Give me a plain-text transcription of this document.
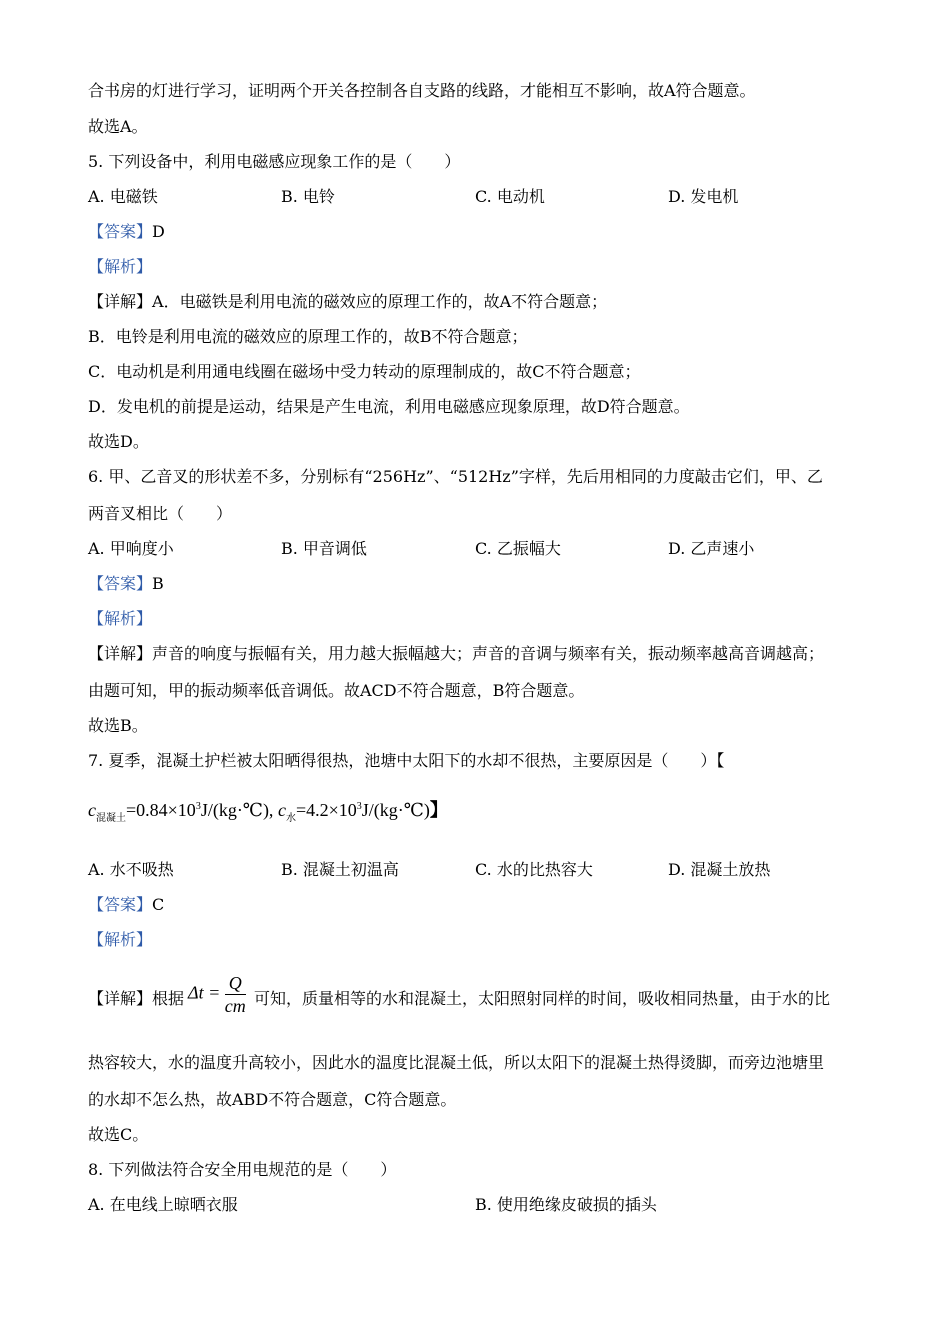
合书房的灯进行学习，证明两个开关各控制各自支路的线路，才能相互不影响，故A符合题意。
故选A。
5. 下列设备中，利用电磁感应现象工作的是（　　）
A. 电磁铁	B. 电铃	C. 电动机	D. 发电机
【答案】D
【解析】
【详解】A．电磁铁是利用电流的磁效应的原理工作的，故A不符合题意；
B．电铃是利用电流的磁效应的原理工作的，故B不符合题意；
C．电动机是利用通电线圈在磁场中受力转动的原理制成的，故C不符合题意；
D．发电机的前提是运动，结果是产生电流，利用电磁感应现象原理，故D符合题意。
故选D。
6. 甲、乙音叉的形状差不多，分别标有“256Hz”、“512Hz”字样，先后用相同的力度敲击它们，甲、乙
两音叉相比（　　）
A. 甲响度小	B. 甲音调低	C. 乙振幅大	D. 乙声速小
【答案】B
【解析】
【详解】声音的响度与振幅有关，用力越大振幅越大；声音的音调与频率有关，振动频率越高音调越高；
由题可知，甲的振动频率低音调低。故ACD不符合题意，B符合题意。
故选B。
7. 夏季，混凝土护栏被太阳晒得很热，池塘中太阳下的水却不很热，主要原因是（　　）【
$c_{混凝土}=0.84\times 10^3J/(kg\cdot℃)$, $c_水=4.2\times 10^3J/(kg\cdot℃)$】
A. 水不吸热	B. 混凝土初温高	C. 水的比热容大	D. 混凝土放热
【答案】C
【解析】
【详解】根据	可知，质量相等的水和混凝土，太阳照射同样的时间，吸收相同热量，由于水的比
$\Delta t = \frac{Q}{cm}$
热容较大，水的温度升高较小，因此水的温度比混凝土低，所以太阳下的混凝土热得烫脚，而旁边池塘里
的水却不怎么热，故ABD不符合题意，C符合题意。
故选C。
8. 下列做法符合安全用电规范的是（　　）
A. 在电线上晾晒衣服	B. 使用绝缘皮破损的插头
